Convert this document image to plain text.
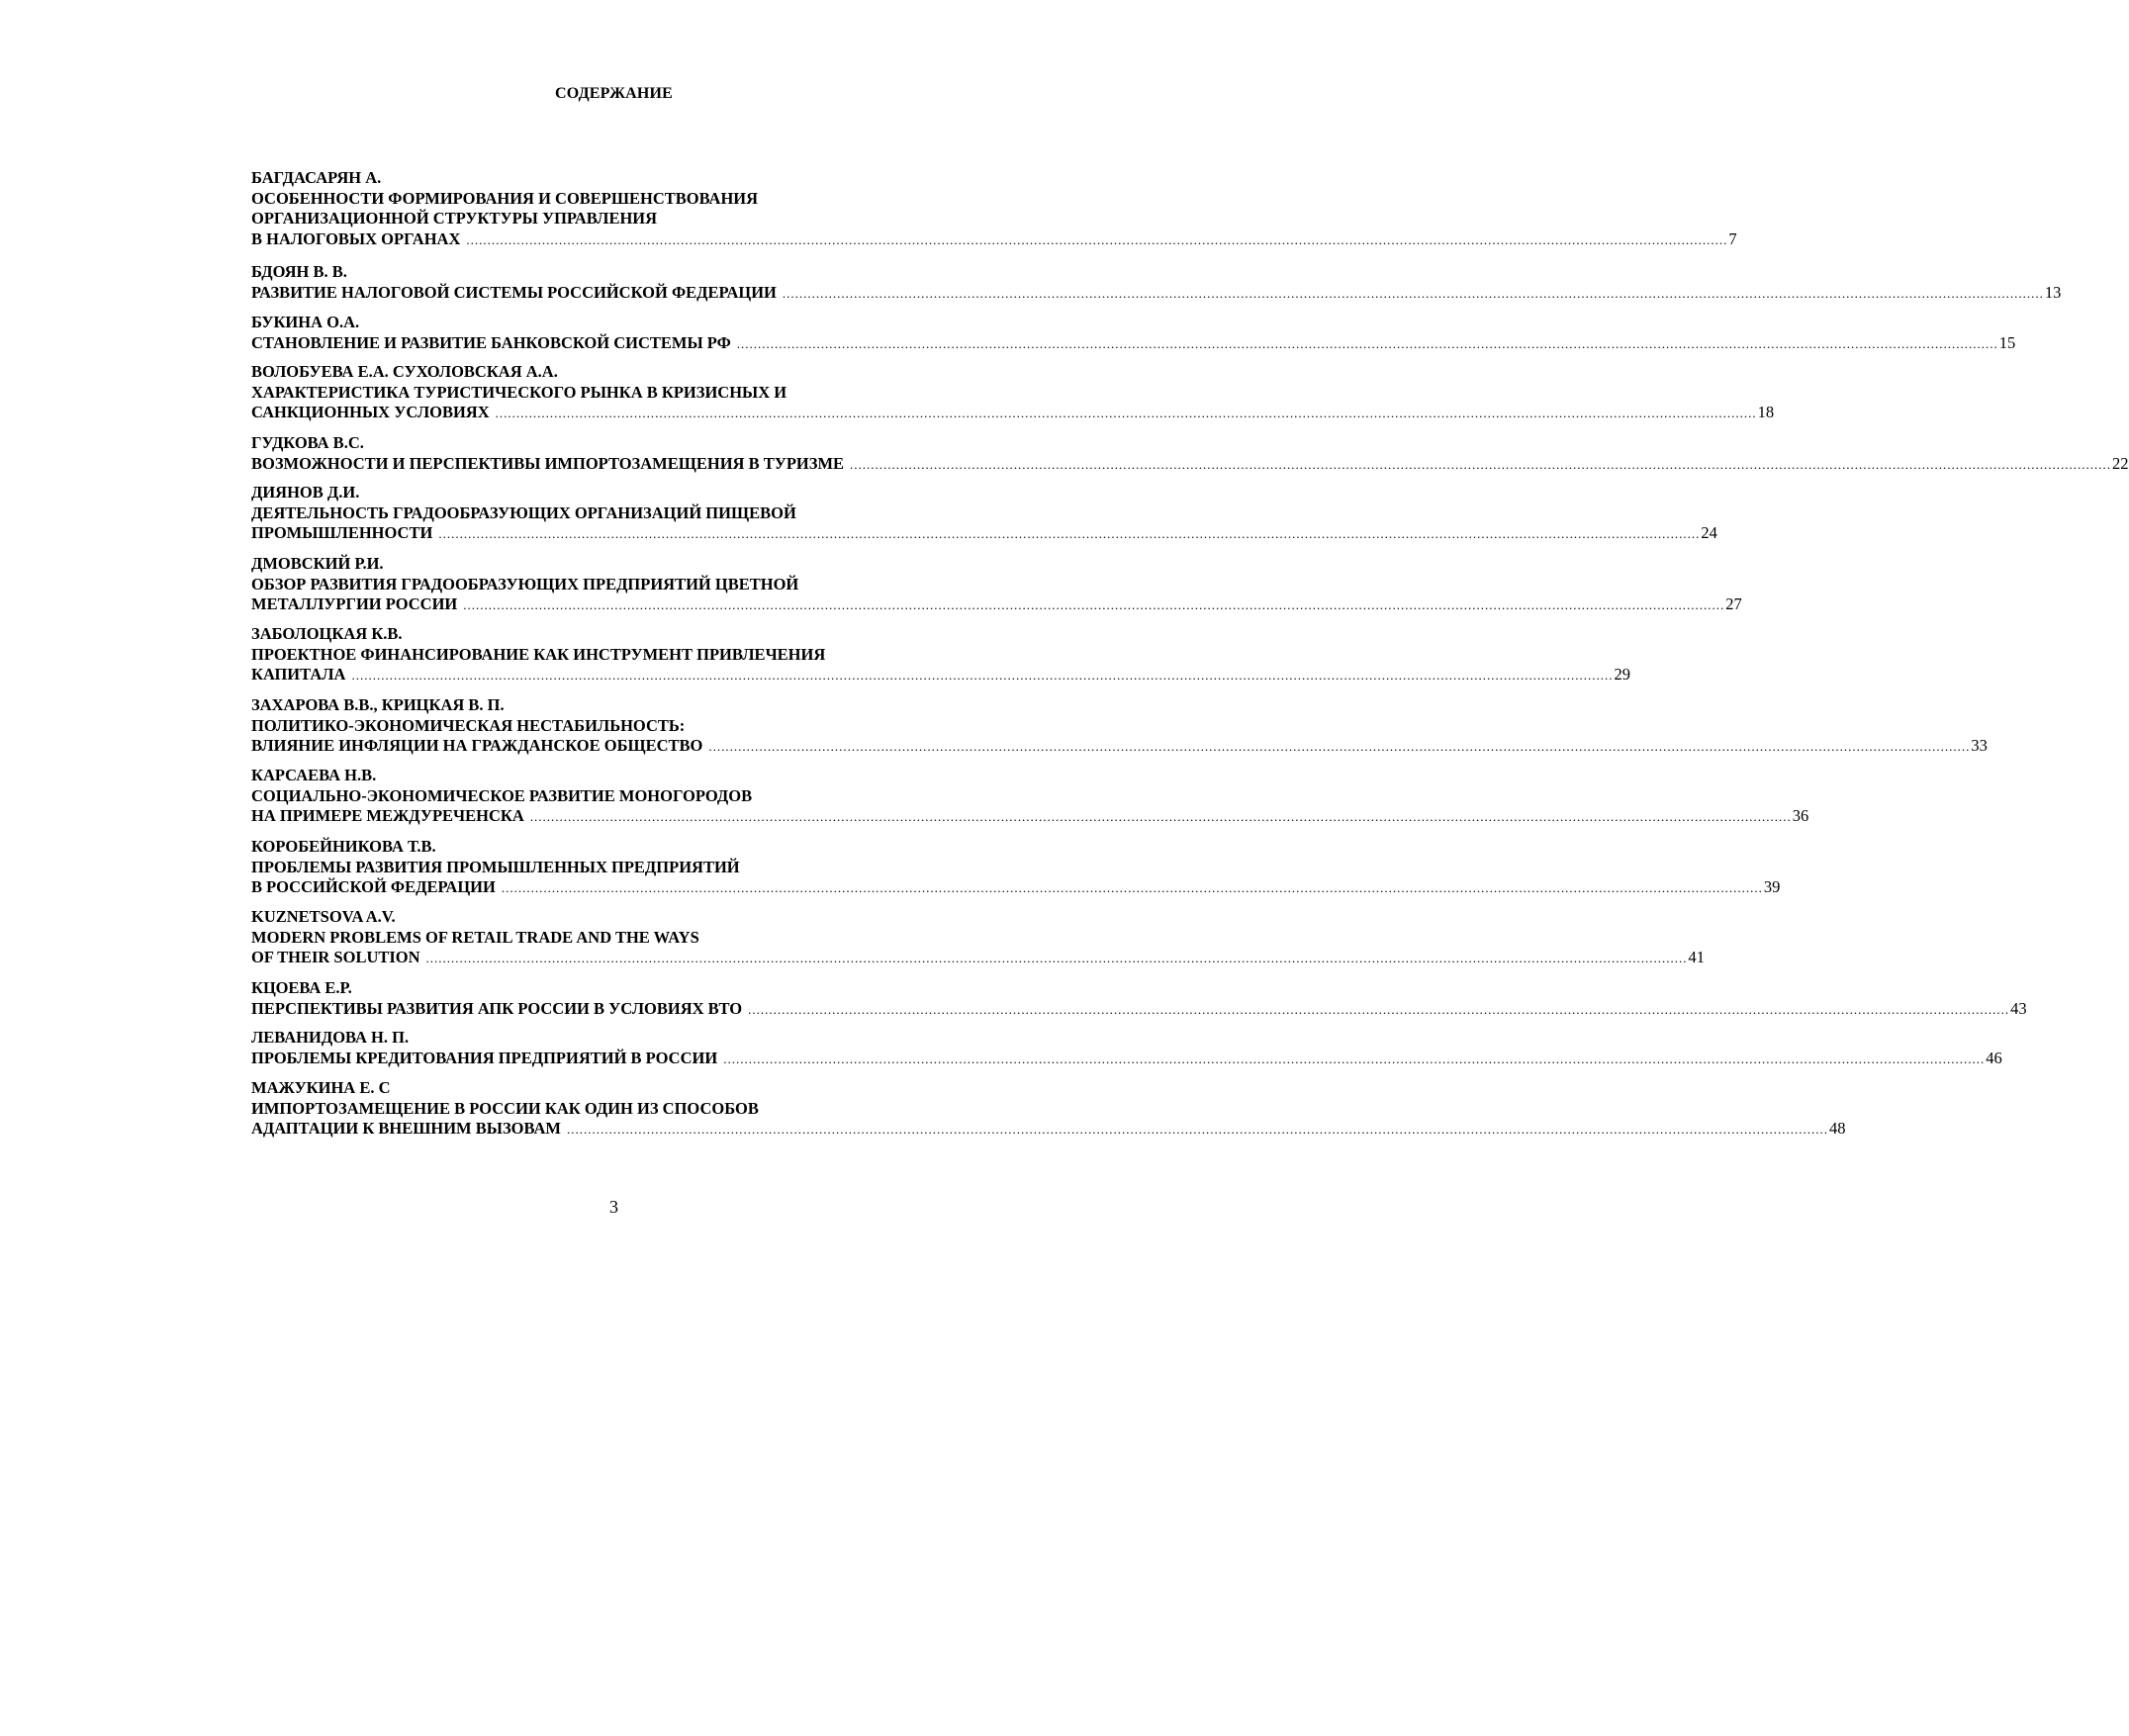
СОДЕРЖАНИЕ
БАГДАСАРЯН А.
ОСОБЕННОСТИ ФОРМИРОВАНИЯ И СОВЕРШЕНСТВОВАНИЯ
ОРГАНИЗАЦИОННОЙ СТРУКТУРЫ УПРАВЛЕНИЯ
В НАЛОГОВЫХ ОРГАНАХ ............................................................................................................................................................................................................................................................................................................ 7
БДОЯН В. В.
РАЗВИТИЕ НАЛОГОВОЙ СИСТЕМЫ РОССИЙСКОЙ ФЕДЕРАЦИИ ............................................................................................................................................................................................................................................................................................................ 13
БУКИНА О.А.
СТАНОВЛЕНИЕ И РАЗВИТИЕ БАНКОВСКОЙ СИСТЕМЫ РФ ............................................................................................................................................................................................................................................................................................................ 15
ВОЛОБУЕВА Е.А. СУХОЛОВСКАЯ А.А.
ХАРАКТЕРИСТИКА ТУРИСТИЧЕСКОГО РЫНКА В КРИЗИСНЫХ И
САНКЦИОННЫХ УСЛОВИЯХ ............................................................................................................................................................................................................................................................................................................ 18
ГУДКОВА В.С.
ВОЗМОЖНОСТИ И ПЕРСПЕКТИВЫ ИМПОРТОЗАМЕЩЕНИЯ В ТУРИЗМЕ ............................................................................................................................................................................................................................................................................................................ 22
ДИЯНОВ Д.И.
ДЕЯТЕЛЬНОСТЬ ГРАДООБРАЗУЮЩИХ ОРГАНИЗАЦИЙ ПИЩЕВОЙ
ПРОМЫШЛЕННОСТИ ............................................................................................................................................................................................................................................................................................................ 24
ДМОВСКИЙ Р.И.
ОБЗОР РАЗВИТИЯ ГРАДООБРАЗУЮЩИХ ПРЕДПРИЯТИЙ ЦВЕТНОЙ
МЕТАЛЛУРГИИ РОССИИ ............................................................................................................................................................................................................................................................................................................ 27
ЗАБОЛОЦКАЯ К.В.
ПРОЕКТНОЕ ФИНАНСИРОВАНИЕ КАК ИНСТРУМЕНТ ПРИВЛЕЧЕНИЯ
КАПИТАЛА ............................................................................................................................................................................................................................................................................................................ 29
ЗАХАРОВА В.В., КРИЦКАЯ В. П.
ПОЛИТИКО-ЭКОНОМИЧЕСКАЯ НЕСТАБИЛЬНОСТЬ:
ВЛИЯНИЕ ИНФЛЯЦИИ НА ГРАЖДАНСКОЕ ОБЩЕСТВО ............................................................................................................................................................................................................................................................................................................ 33
КАРСАЕВА Н.В.
СОЦИАЛЬНО-ЭКОНОМИЧЕСКОЕ РАЗВИТИЕ МОНОГОРОДОВ
НА ПРИМЕРЕ МЕЖДУРЕЧЕНСКА ............................................................................................................................................................................................................................................................................................................ 36
КОРОБЕЙНИКОВА Т.В.
ПРОБЛЕМЫ РАЗВИТИЯ ПРОМЫШЛЕННЫХ ПРЕДПРИЯТИЙ
В РОССИЙСКОЙ ФЕДЕРАЦИИ ............................................................................................................................................................................................................................................................................................................ 39
KUZNETSOVA A.V.
MODERN PROBLEMS OF RETAIL TRADE AND THE WAYS
OF THEIR SOLUTION ............................................................................................................................................................................................................................................................................................................ 41
КЦОЕВА Е.Р.
ПЕРСПЕКТИВЫ РАЗВИТИЯ АПК РОССИИ В УСЛОВИЯХ ВТО ............................................................................................................................................................................................................................................................................................................ 43
ЛЕВАНИДОВА Н. П.
ПРОБЛЕМЫ КРЕДИТОВАНИЯ ПРЕДПРИЯТИЙ В РОССИИ ............................................................................................................................................................................................................................................................................................................ 46
МАЖУКИНА Е. С
ИМПОРТОЗАМЕЩЕНИЕ В РОССИИ КАК ОДИН ИЗ СПОСОБОВ
АДАПТАЦИИ К ВНЕШНИМ ВЫЗОВАМ ............................................................................................................................................................................................................................................................................................................ 48
3
